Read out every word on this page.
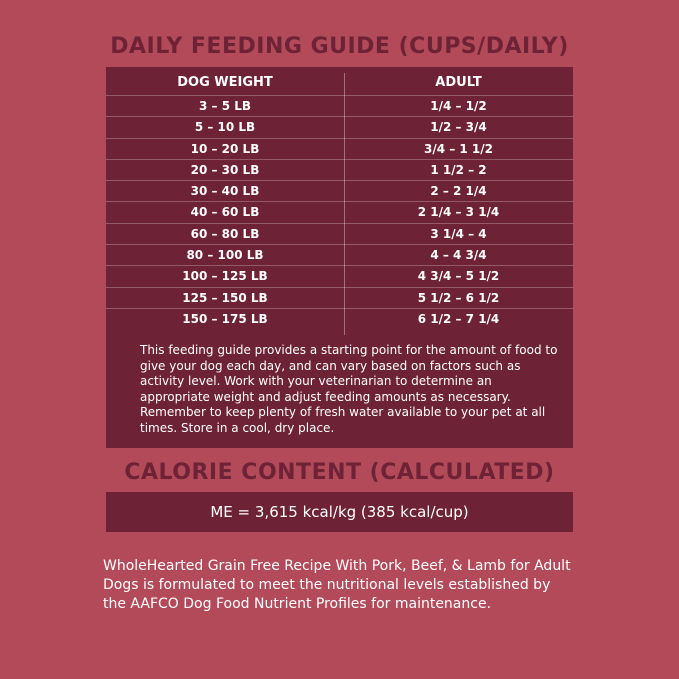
DAILY FEEDING GUIDE (CUPS/DAILY)
DOG WEIGHT	ADULT
3 – 5 LB	1/4 – 1/2
5 – 10 LB	1/2 – 3/4
10 – 20 LB	3/4 – 1 1/2
20 – 30 LB	1 1/2 – 2
30 – 40 LB	2 – 2 1/4
40 – 60 LB	2 1/4 – 3 1/4
60 – 80 LB	3 1/4 – 4
80 – 100 LB	4 – 4 3/4
100 – 125 LB	4 3/4 – 5 1/2
125 – 150 LB	5 1/2 – 6 1/2
150 – 175 LB	6 1/2 – 7 1/4

This feeding guide provides a starting point for the amount of food to give your dog each day, and can vary based on factors such as activity level. Work with your veterinarian to determine an appropriate weight and adjust feeding amounts as necessary. Remember to keep plenty of fresh water available to your pet at all times. Store in a cool, dry place.

CALORIE CONTENT (CALCULATED)
ME = 3,615 kcal/kg (385 kcal/cup)

WholeHearted Grain Free Recipe With Pork, Beef, & Lamb for Adult Dogs is formulated to meet the nutritional levels established by the AAFCO Dog Food Nutrient Profiles for maintenance.
